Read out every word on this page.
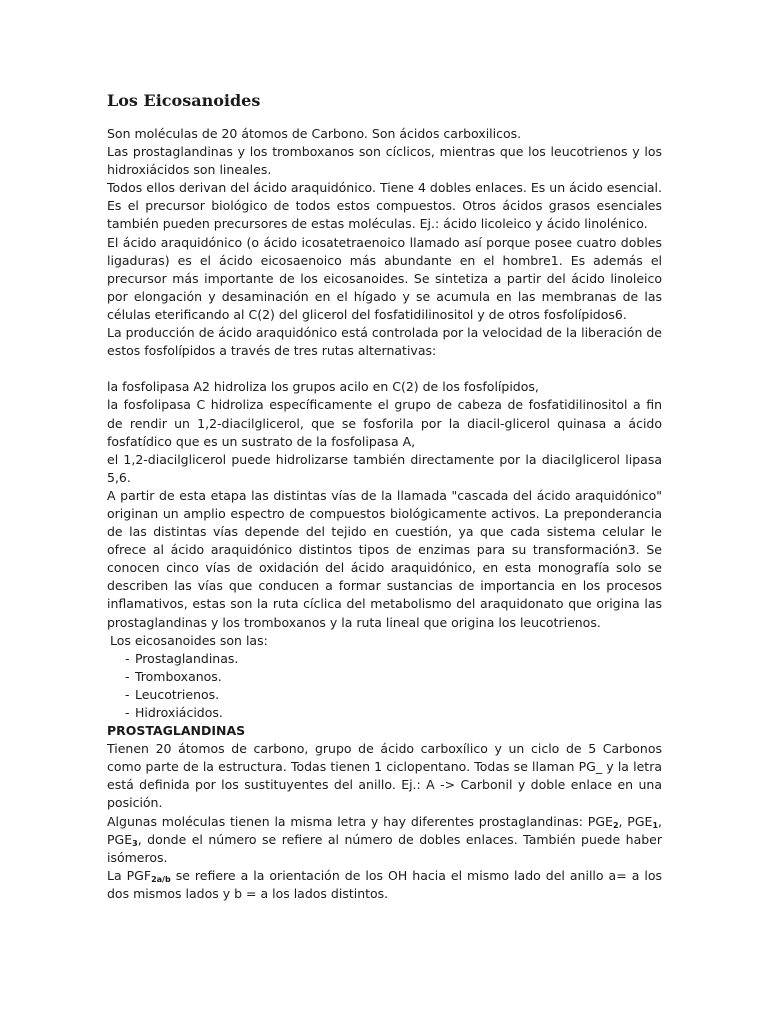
Los Eicosanoides

Son moléculas de 20 átomos de Carbono. Son ácidos carboxilicos.

Las prostaglandinas y los tromboxanos son cíclicos, mientras que los leucotrienos y los hidroxiácidos son lineales.

Todos ellos derivan del ácido araquidónico. Tiene 4 dobles enlaces. Es un ácido esencial. Es el precursor biológico de todos estos compuestos. Otros ácidos grasos esenciales también pueden precursores de estas moléculas. Ej.: ácido licoleico y ácido linolénico.

El ácido araquidónico (o ácido icosatetraenoico llamado así porque posee cuatro dobles ligaduras) es el ácido eicosaenoico más abundante en el hombre1. Es además el precursor más importante de los eicosanoides. Se sintetiza a partir del ácido linoleico por elongación y desaminación en el hígado y se acumula en las membranas de las células eterificando al C(2) del glicerol del fosfatidilinositol y de otros fosfolípidos6.

La producción de ácido araquidónico está controlada por la velocidad de la liberación de estos fosfolípidos a través de tres rutas alternativas:

la fosfolipasa A2 hidroliza los grupos acilo en C(2) de los fosfolípidos,

la fosfolipasa C hidroliza específicamente el grupo de cabeza de fosfatidilinositol a fin de rendir un 1,2-diacilglicerol, que se fosforila por la diacil-glicerol quinasa a ácido fosfatídico que es un sustrato de la fosfolipasa A,

el 1,2-diacilglicerol puede hidrolizarse también directamente por la diacilglicerol lipasa 5,6.

A partir de esta etapa las distintas vías de la llamada "cascada del ácido araquidónico" originan un amplio espectro de compuestos biológicamente activos. La preponderancia de las distintas vías depende del tejido en cuestión, ya que cada sistema celular le ofrece al ácido araquidónico distintos tipos de enzimas para su transformación3. Se conocen cinco vías de oxidación del ácido araquidónico, en esta monografía solo se describen las vías que conducen a formar sustancias de importancia en los procesos inflamativos, estas son la ruta cíclica del metabolismo del araquidonato que origina las prostaglandinas y los tromboxanos y la ruta lineal que origina los leucotrienos.

Los eicosanoides son las:

- Prostaglandinas.

- Tromboxanos.

- Leucotrienos.

- Hidroxiácidos.

PROSTAGLANDINAS

Tienen 20 átomos de carbono, grupo de ácido carboxílico y un ciclo de 5 Carbonos como parte de la estructura. Todas tienen 1 ciclopentano. Todas se llaman PG_ y la letra está definida por los sustituyentes del anillo. Ej.: A -> Carbonil y doble enlace en una posición.

Algunas moléculas tienen la misma letra y hay diferentes prostaglandinas: $PGE_2$, $PGE_1$, $PGE_3$, donde el número se refiere al número de dobles enlaces. También puede haber isómeros.

La $PGF_{2a/b}$ se refiere a la orientación de los OH hacia el mismo lado del anillo a= a los dos mismos lados y b = a los lados distintos.
